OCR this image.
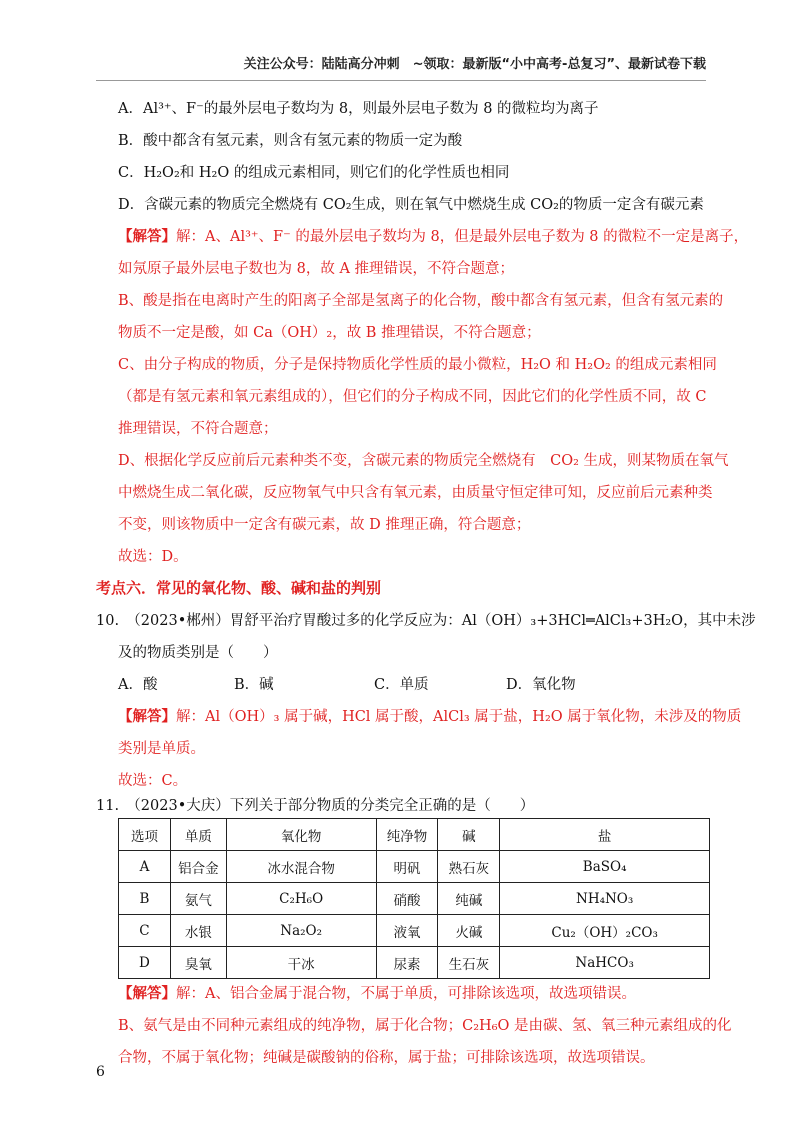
关注公众号：陆陆高分冲刺　~领取：最新版“小中高考-总复习”、最新试卷下载
A．Al³⁺、F⁻的最外层电子数均为 8，则最外层电子数为 8 的微粒均为离子
B．酸中都含有氢元素，则含有氢元素的物质一定为酸
C．H₂O₂和 H₂O 的组成元素相同，则它们的化学性质也相同
D．含碳元素的物质完全燃烧有 CO₂生成，则在氧气中燃烧生成 CO₂的物质一定含有碳元素
【解答】解：A、Al³⁺、F⁻ 的最外层电子数均为 8，但是最外层电子数为 8 的微粒不一定是离子，
如氖原子最外层电子数也为 8，故 A 推理错误，不符合题意；
B、酸是指在电离时产生的阳离子全部是氢离子的化合物，酸中都含有氢元素，但含有氢元素的
物质不一定是酸，如 Ca（OH）₂，故 B 推理错误，不符合题意；
C、由分子构成的物质，分子是保持物质化学性质的最小微粒，H₂O 和 H₂O₂ 的组成元素相同
（都是有氢元素和氧元素组成的），但它们的分子构成不同，因此它们的化学性质不同，故 C
推理错误，不符合题意；
D、根据化学反应前后元素种类不变，含碳元素的物质完全燃烧有　CO₂ 生成，则某物质在氧气
中燃烧生成二氧化碳，反应物氧气中只含有氧元素，由质量守恒定律可知，反应前后元素种类
不变，则该物质中一定含有碳元素，故 D 推理正确，符合题意；
故选：D。
考点六．常见的氧化物、酸、碱和盐的判别
10.　（2023•郴州）胃舒平治疗胃酸过多的化学反应为：Al（OH）₃+3HCl═AlCl₃+3H₂O，其中未涉
及的物质类别是（　　）
A．酸	B．碱	C．单质	D．氧化物
【解答】解：Al（OH）₃ 属于碱，HCl 属于酸，AlCl₃ 属于盐，H₂O 属于氧化物，未涉及的物质
类别是单质。
故选：C。
11.　（2023•大庆）下列关于部分物质的分类完全正确的是（　　）
选项	单质	氧化物	纯净物	碱	盐
A	铝合金	冰水混合物	明矾	熟石灰	BaSO₄
B	氨气	C₂H₆O	硝酸	纯碱	NH₄NO₃
C	水银	Na₂O₂	液氧	火碱	Cu₂（OH）₂CO₃
D	臭氧	干冰	尿素	生石灰	NaHCO₃
【解答】解：A、铝合金属于混合物，不属于单质，可排除该选项，故选项错误。
B、氨气是由不同种元素组成的纯净物，属于化合物；C₂H₆O 是由碳、氢、氧三种元素组成的化
合物，不属于氧化物；纯碱是碳酸钠的俗称，属于盐；可排除该选项，故选项错误。
6
